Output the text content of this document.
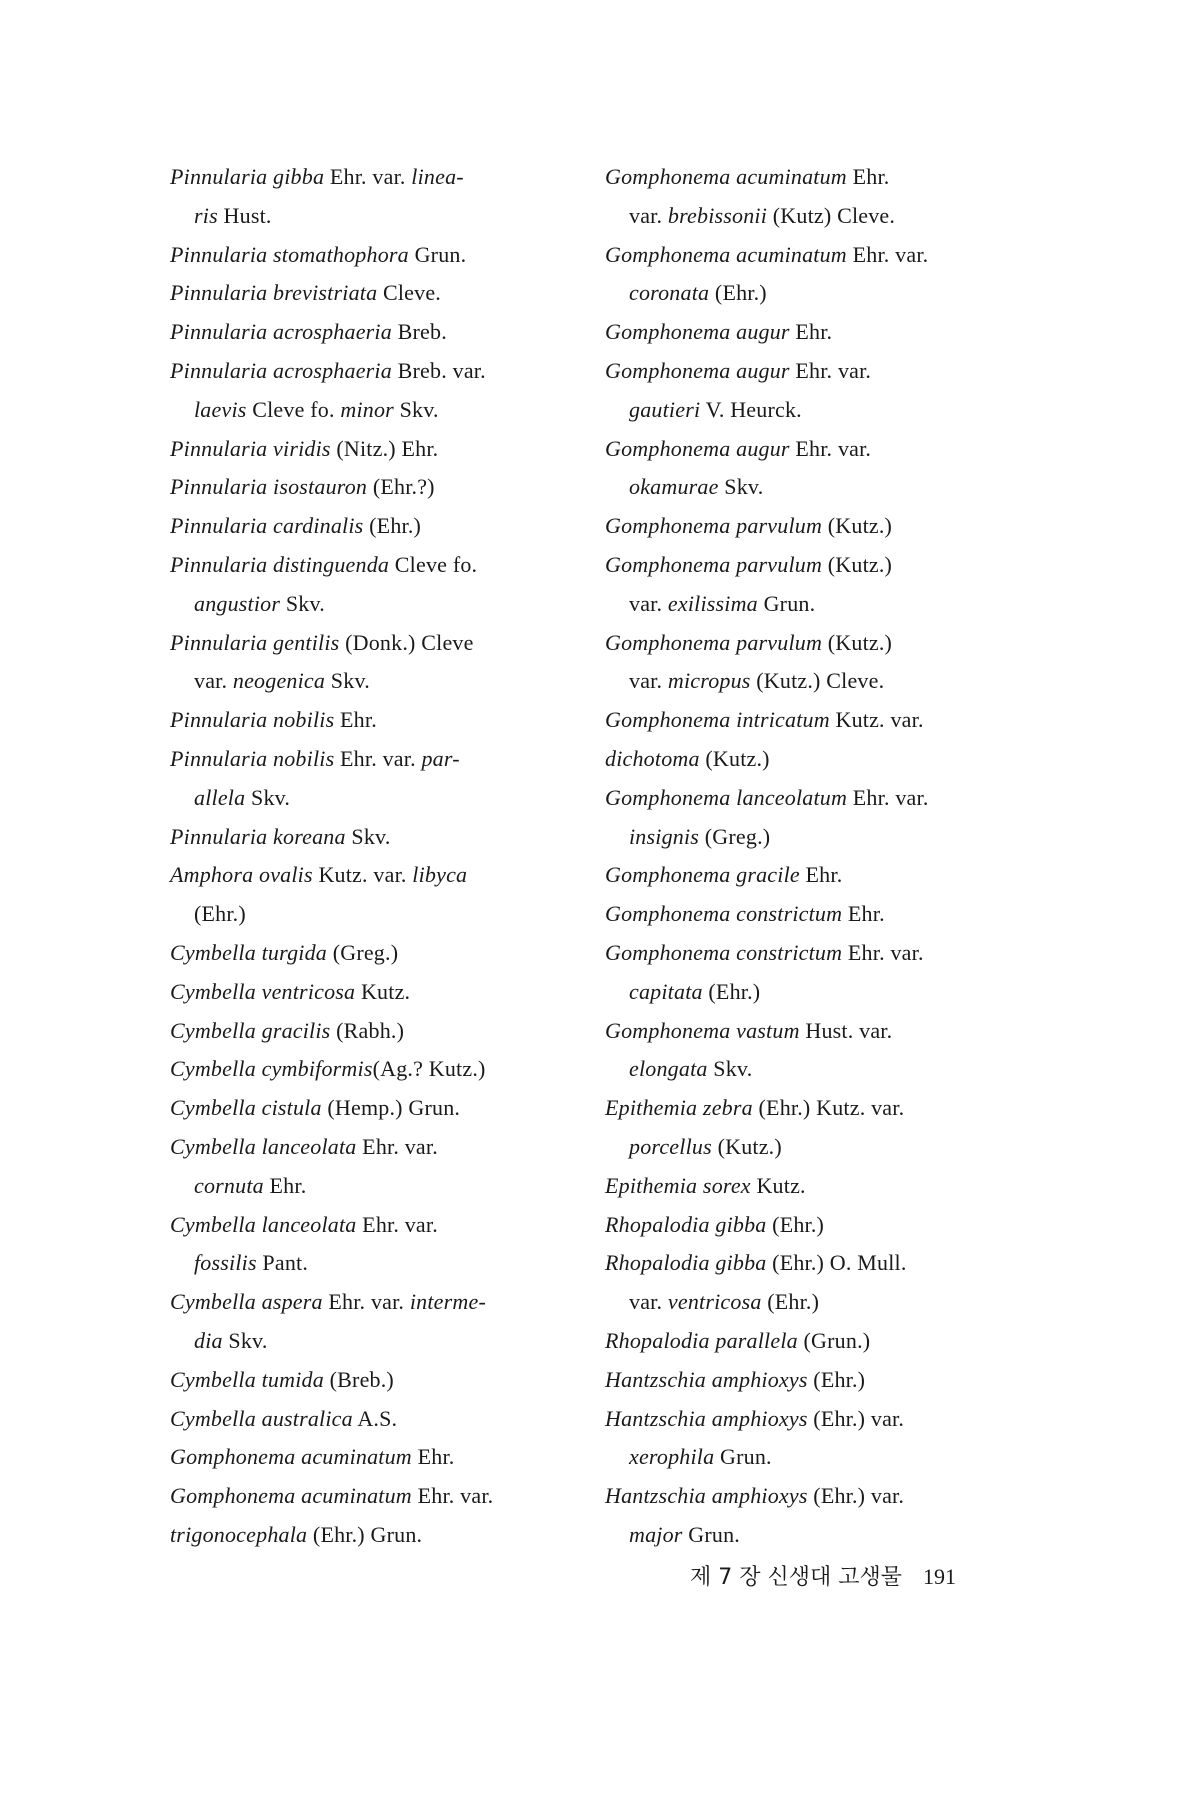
Pinnularia gibba Ehr. var. linea-
ris Hust.
Pinnularia stomathophora Grun.
Pinnularia brevistriata Cleve.
Pinnularia acrosphaeria Breb.
Pinnularia acrosphaeria Breb. var.
laevis Cleve fo. minor Skv.
Pinnularia viridis (Nitz.) Ehr.
Pinnularia isostauron (Ehr.?)
Pinnularia cardinalis (Ehr.)
Pinnularia distinguenda Cleve fo.
angustior Skv.
Pinnularia gentilis (Donk.) Cleve
var. neogenica Skv.
Pinnularia nobilis Ehr.
Pinnularia nobilis Ehr. var. par-
allela Skv.
Pinnularia koreana Skv.
Amphora ovalis Kutz. var. libyca
(Ehr.)
Cymbella turgida (Greg.)
Cymbella ventricosa Kutz.
Cymbella gracilis (Rabh.)
Cymbella cymbiformis(Ag.? Kutz.)
Cymbella cistula (Hemp.) Grun.
Cymbella lanceolata Ehr. var.
cornuta Ehr.
Cymbella lanceolata Ehr. var.
fossilis Pant.
Cymbella aspera Ehr. var. interme-
dia Skv.
Cymbella tumida (Breb.)
Cymbella australica A.S.
Gomphonema acuminatum Ehr.
Gomphonema acuminatum Ehr. var.
trigonocephala (Ehr.) Grun.
Gomphonema acuminatum Ehr.
var. brebissonii (Kutz) Cleve.
Gomphonema acuminatum Ehr. var.
coronata (Ehr.)
Gomphonema augur Ehr.
Gomphonema augur Ehr. var.
gautieri V. Heurck.
Gomphonema augur Ehr. var.
okamurae Skv.
Gomphonema parvulum (Kutz.)
Gomphonema parvulum (Kutz.)
var. exilissima Grun.
Gomphonema parvulum (Kutz.)
var. micropus (Kutz.) Cleve.
Gomphonema intricatum Kutz. var.
dichotoma (Kutz.)
Gomphonema lanceolatum Ehr. var.
insignis (Greg.)
Gomphonema gracile Ehr.
Gomphonema constrictum Ehr.
Gomphonema constrictum Ehr. var.
capitata (Ehr.)
Gomphonema vastum Hust. var.
elongata Skv.
Epithemia zebra (Ehr.) Kutz. var.
porcellus (Kutz.)
Epithemia sorex Kutz.
Rhopalodia gibba (Ehr.)
Rhopalodia gibba (Ehr.) O. Mull.
var. ventricosa (Ehr.)
Rhopalodia parallela (Grun.)
Hantzschia amphioxys (Ehr.)
Hantzschia amphioxys (Ehr.) var.
xerophila Grun.
Hantzschia amphioxys (Ehr.) var.
major Grun.
제 7 장 신생대 고생물 191
